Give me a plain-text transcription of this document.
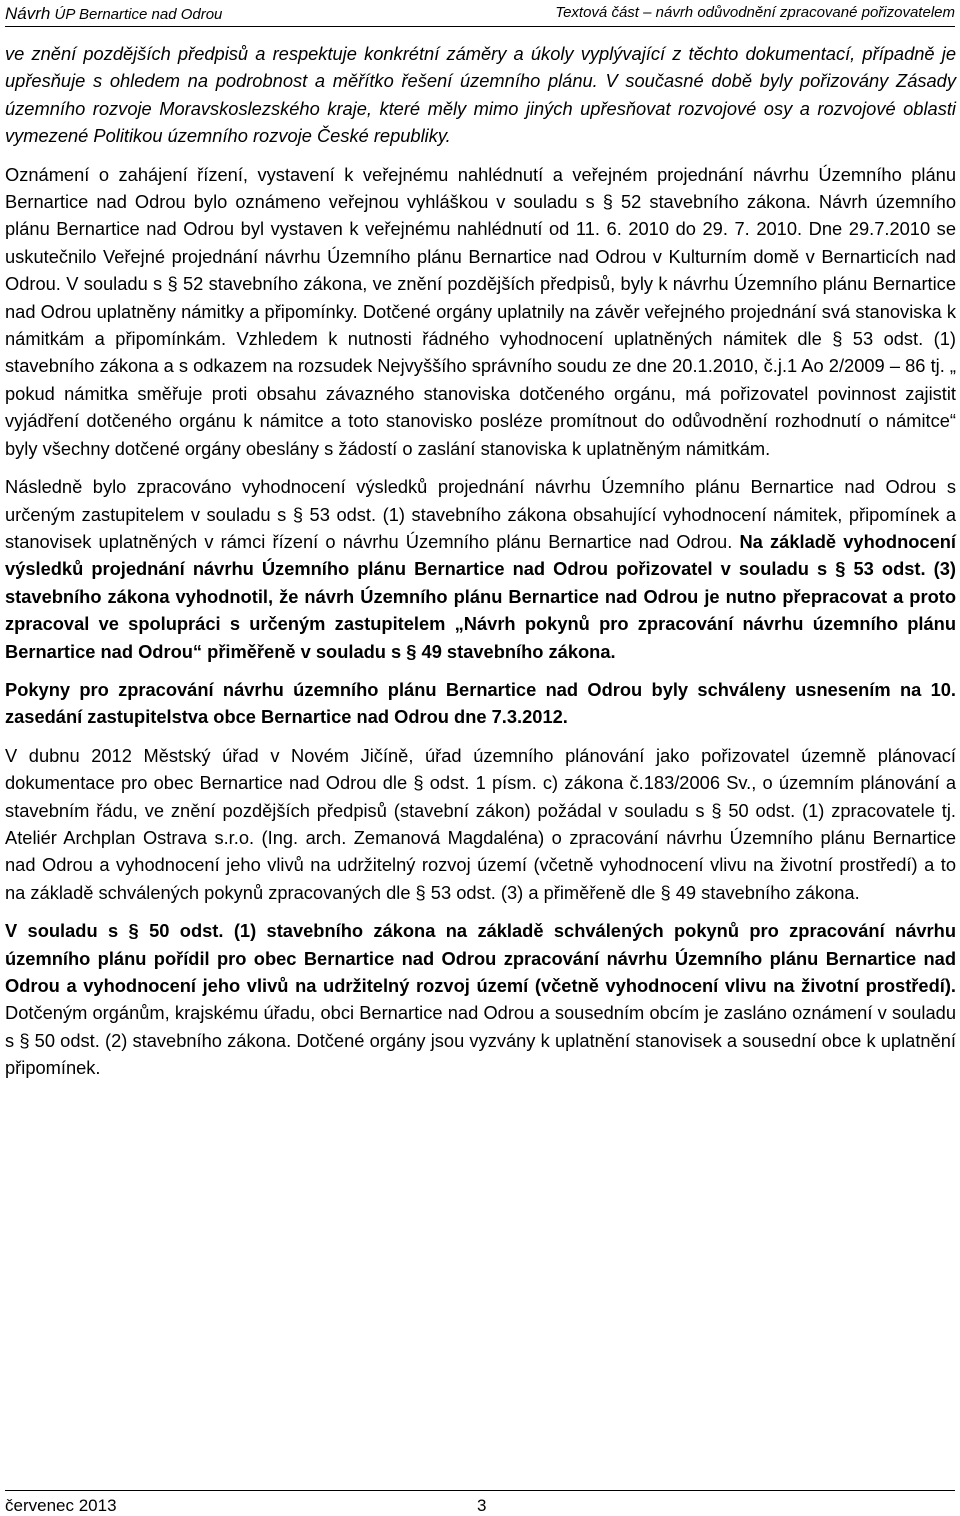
Návrh ÚP Bernartice nad Odrou	Textová část – návrh odůvodnění zpracované pořizovatelem

ve znění pozdějších předpisů a respektuje konkrétní záměry a úkoly vyplývající z těchto dokumentací, případně je upřesňuje s ohledem na podrobnost a měřítko řešení územního plánu. V současné době byly pořizovány Zásady územního rozvoje Moravskoslezského kraje, které měly mimo jiných upřesňovat rozvojové osy a rozvojové oblasti vymezené Politikou územního rozvoje České republiky.

Oznámení o zahájení řízení, vystavení k veřejnému nahlédnutí a veřejném projednání návrhu Územního plánu Bernartice nad Odrou bylo oznámeno veřejnou vyhláškou v souladu s § 52 stavebního zákona. Návrh územního plánu Bernartice nad Odrou byl vystaven k veřejnému nahlédnutí od 11. 6. 2010 do 29. 7. 2010. Dne 29.7.2010 se uskutečnilo Veřejné projednání návrhu Územního plánu Bernartice nad Odrou v Kulturním domě v Bernarticích nad Odrou. V souladu s § 52 stavebního zákona, ve znění pozdějších předpisů, byly k návrhu Územního plánu Bernartice nad Odrou uplatněny námitky a připomínky. Dotčené orgány uplatnily na závěr veřejného projednání svá stanoviska k námitkám a připomínkám. Vzhledem k nutnosti řádného vyhodnocení uplatněných námitek dle § 53 odst. (1) stavebního zákona a s odkazem na rozsudek Nejvyššího správního soudu ze dne 20.1.2010, č.j.1 Ao 2/2009 – 86 tj. „ pokud námitka směřuje proti obsahu závazného stanoviska dotčeného orgánu, má pořizovatel povinnost zajistit vyjádření dotčeného orgánu k námitce a toto stanovisko posléze promítnout do odůvodnění rozhodnutí o námitce“ byly všechny dotčené orgány obeslány s žádostí o zaslání stanoviska k uplatněným námitkám.

Následně bylo zpracováno vyhodnocení výsledků projednání návrhu Územního plánu Bernartice nad Odrou s určeným zastupitelem v souladu s § 53 odst. (1) stavebního zákona obsahující vyhodnocení námitek, připomínek a stanovisek uplatněných v rámci řízení o návrhu Územního plánu Bernartice nad Odrou. Na základě vyhodnocení výsledků projednání návrhu Územního plánu Bernartice nad Odrou pořizovatel v souladu s § 53 odst. (3) stavebního zákona vyhodnotil, že návrh Územního plánu Bernartice nad Odrou je nutno přepracovat a proto zpracoval ve spolupráci s určeným zastupitelem „Návrh pokynů pro zpracování návrhu územního plánu Bernartice nad Odrou“ přiměřeně v souladu s § 49 stavebního zákona.

Pokyny pro zpracování návrhu územního plánu Bernartice nad Odrou byly schváleny usnesením na 10. zasedání zastupitelstva obce Bernartice nad Odrou dne 7.3.2012.

V dubnu 2012 Městský úřad v Novém Jičíně, úřad územního plánování jako pořizovatel územně plánovací dokumentace pro obec Bernartice nad Odrou dle § odst. 1 písm. c) zákona č.183/2006 Sv., o územním plánování a stavebním řádu, ve znění pozdějších předpisů (stavební zákon) požádal v souladu s § 50 odst. (1) zpracovatele tj. Ateliér Archplan Ostrava s.r.o. (Ing. arch. Zemanová Magdaléna) o zpracování návrhu Územního plánu Bernartice nad Odrou a vyhodnocení jeho vlivů na udržitelný rozvoj území (včetně vyhodnocení vlivu na životní prostředí) a to na základě schválených pokynů zpracovaných dle § 53 odst. (3) a přiměřeně dle § 49 stavebního zákona.

V souladu s § 50 odst. (1) stavebního zákona na základě schválených pokynů pro zpracování návrhu územního plánu pořídil pro obec Bernartice nad Odrou zpracování návrhu Územního plánu Bernartice nad Odrou a vyhodnocení jeho vlivů na udržitelný rozvoj území (včetně vyhodnocení vlivu na životní prostředí). Dotčeným orgánům, krajskému úřadu, obci Bernartice nad Odrou a sousedním obcím je zasláno oznámení v souladu s § 50 odst. (2) stavebního zákona. Dotčené orgány jsou vyzvány k uplatnění stanovisek a sousední obce k uplatnění připomínek.

červenec 2013	3
